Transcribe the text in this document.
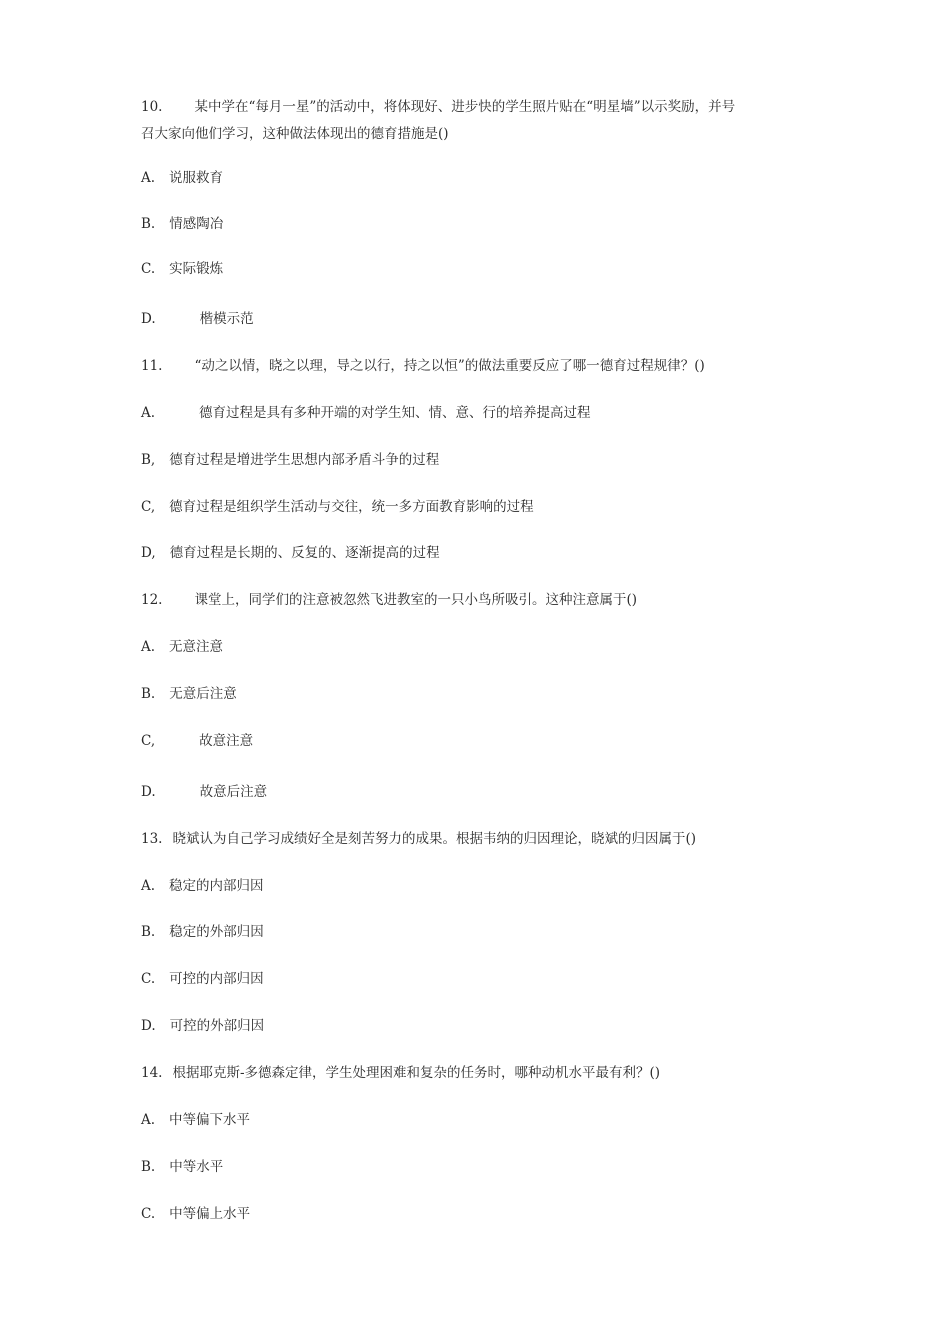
10. 某中学在“每月一星”的活动中，将体现好、进步快的学生照片贴在“明星墙”以示奖励，并号
召大家向他们学习，这种做法体现出的德育措施是()
A. 说服救育
B. 情感陶冶
C. 实际锻炼
D.	楷模示范
11. “动之以情，晓之以理，导之以行，持之以恒”的做法重要反应了哪一德育过程规律？()
A.	德育过程是具有多种开端的对学生知、情、意、行的培养提高过程
B, 德育过程是增进学生思想内部矛盾斗争的过程
C, 德育过程是组织学生活动与交往，统一多方面教育影响的过程
D, 德育过程是长期的、反复的、逐渐提高的过程
12. 课堂上，同学们的注意被忽然飞进教室的一只小鸟所吸引。这种注意属于()
A. 无意注意
B. 无意后注意
C,	故意注意
D.	故意后注意
13. 晓斌认为自己学习成绩好全是刻苦努力的成果。根据韦纳的归因理论，晓斌的归因属于()
A. 稳定的内部归因
B. 稳定的外部归因
C. 可控的内部归因
D. 可控的外部归因
14. 根据耶克斯-多德森定律，学生处理困难和复杂的任务时，哪种动机水平最有利？()
A. 中等偏下水平
B. 中等水平
C. 中等偏上水平
